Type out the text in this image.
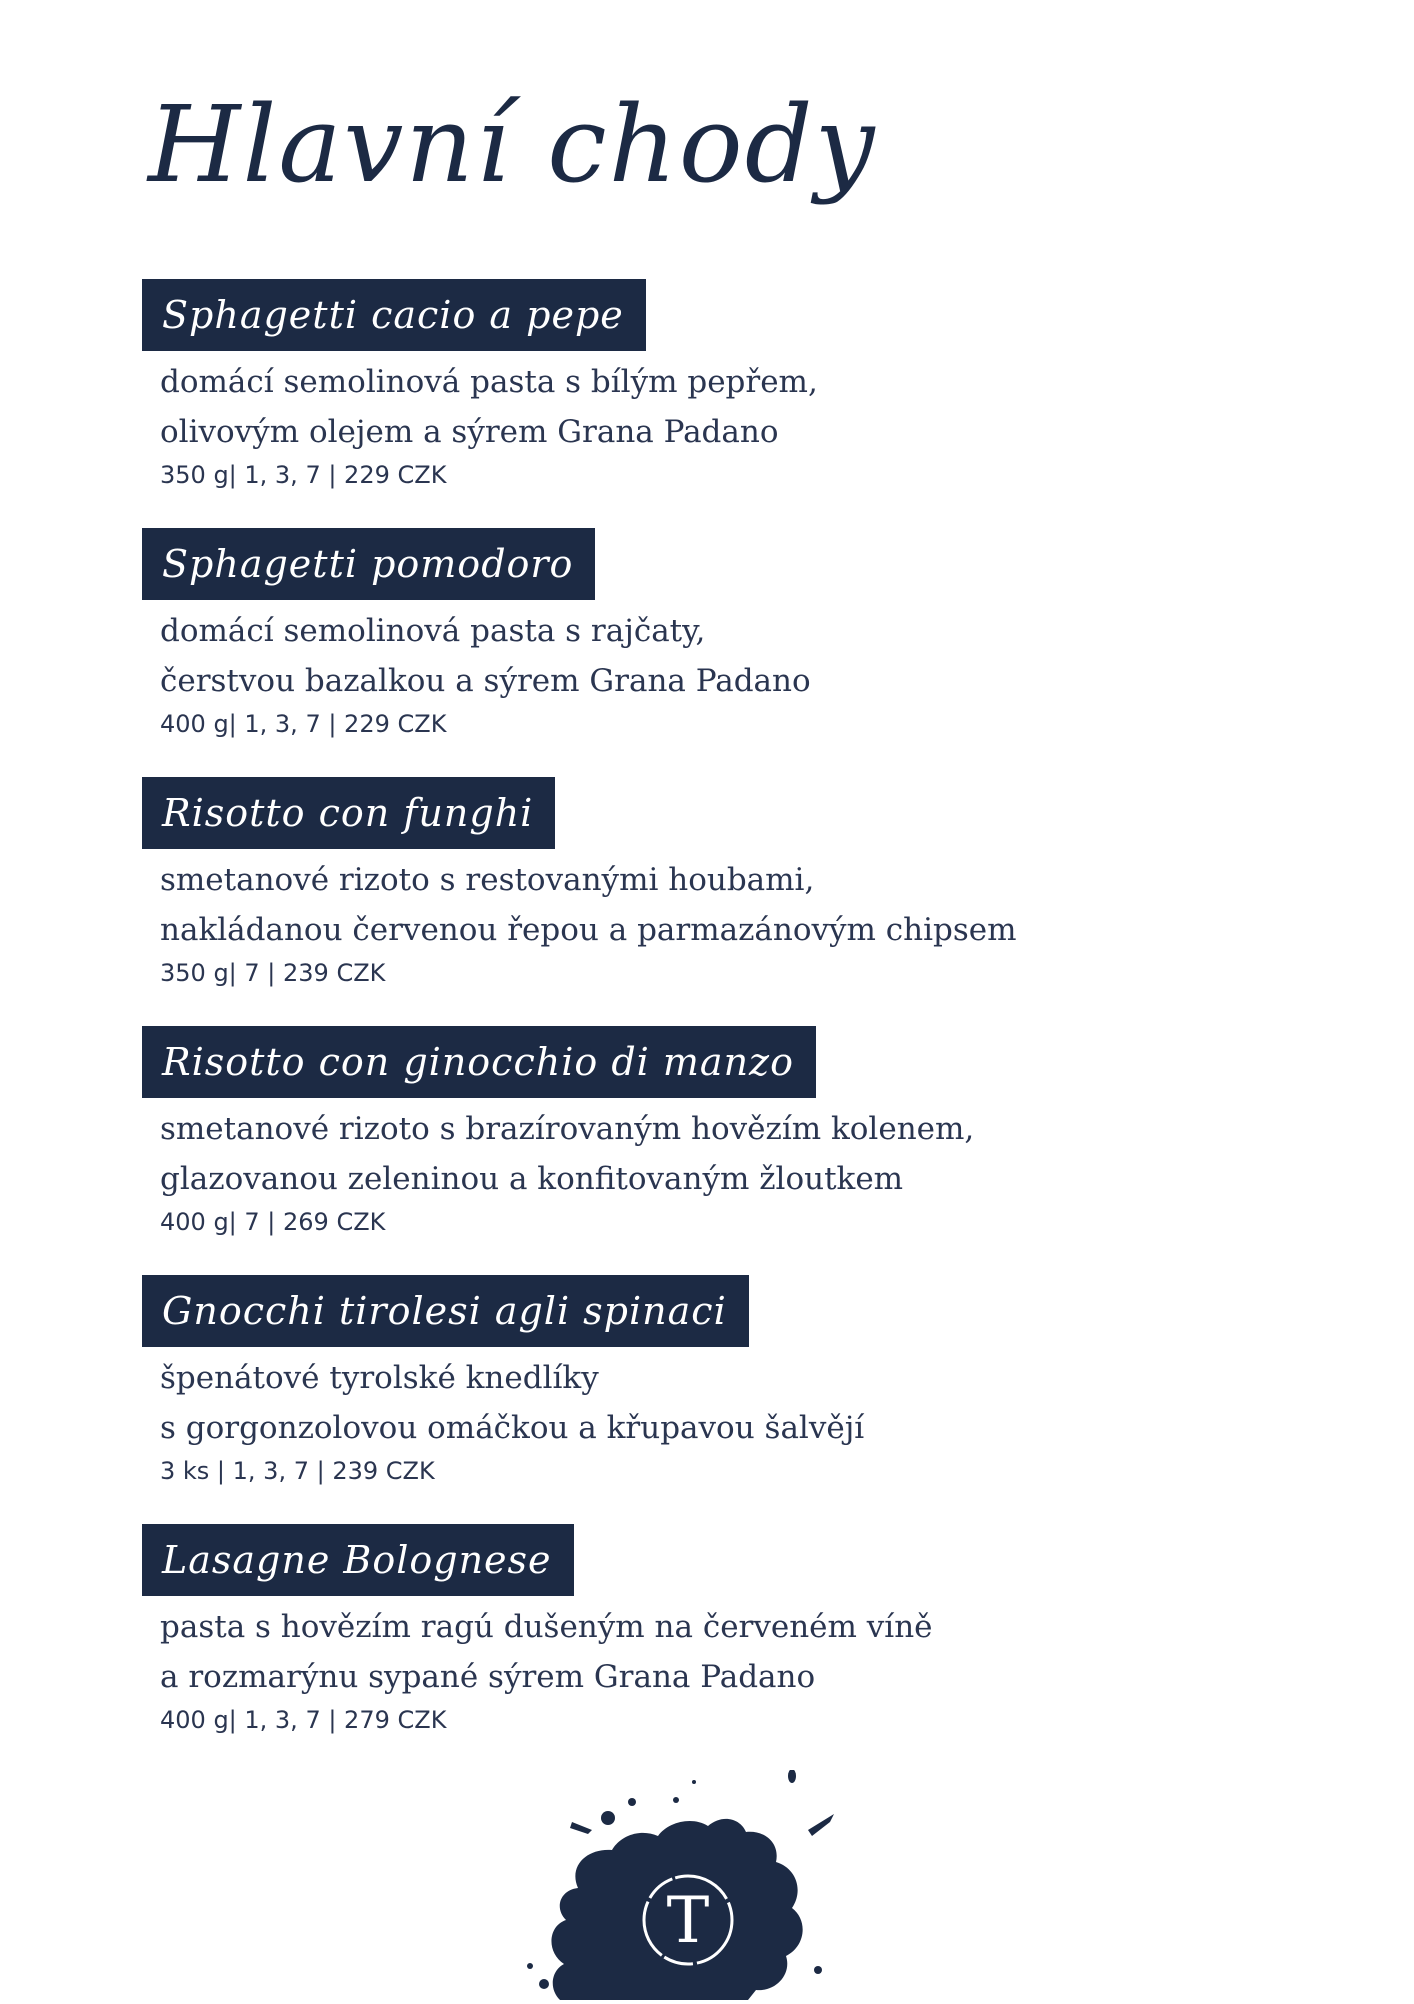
Hlavní chody
Sphagetti cacio a pepe
domácí semolinová pasta s bílým pepřem,
olivovým olejem a sýrem Grana Padano
350 g| 1, 3, 7 | 229 CZK
Sphagetti pomodoro
domácí semolinová pasta s rajčaty,
čerstvou bazalkou a sýrem Grana Padano
400 g| 1, 3, 7 | 229 CZK
Risotto con funghi
smetanové rizoto s restovanými houbami,
nakládanou červenou řepou a parmazánovým chipsem
350 g| 7 | 239 CZK
Risotto con ginocchio di manzo
smetanové rizoto s brazírovaným hovězím kolenem,
glazovanou zeleninou a konfitovaným žloutkem
400 g| 7 | 269 CZK
Gnocchi tirolesi agli spinaci
špenátové tyrolské knedlíky
s gorgonzolovou omáčkou a křupavou šalvějí
3 ks | 1, 3, 7 | 239 CZK
Lasagne Bolognese
pasta s hovězím ragú dušeným na červeném víně
a rozmarýnu sypané sýrem Grana Padano
400 g| 1, 3, 7 | 279 CZK
T
